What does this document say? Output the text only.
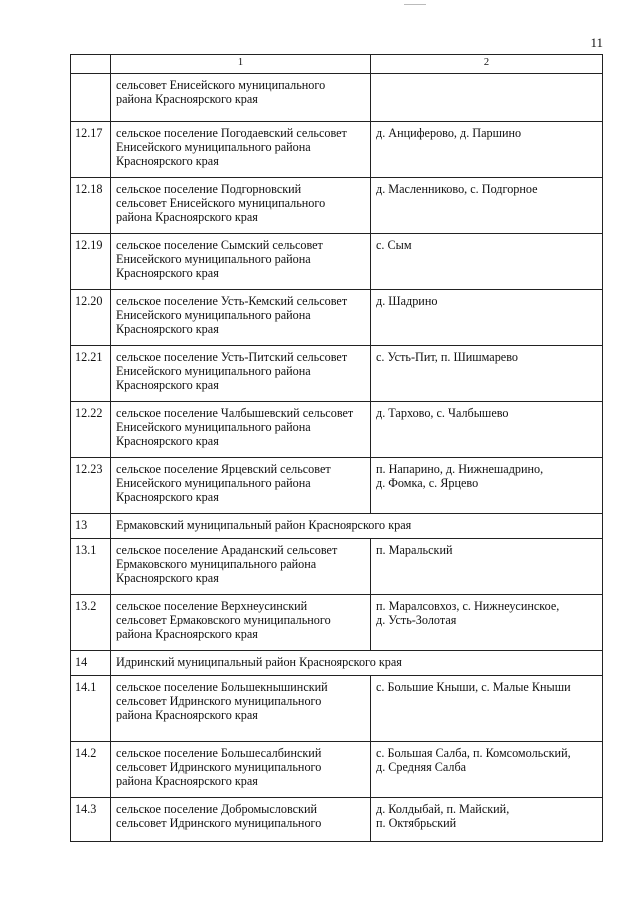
11
	1	2
	сельсовет Енисейского муниципального
района Красноярского края	
12.17	сельское поселение Погодаевский сельсовет
Енисейского муниципального района
Красноярского края	д. Анциферово, д. Паршино
12.18	сельское поселение Подгорновский
сельсовет Енисейского муниципального
района Красноярского края	д. Масленниково, с. Подгорное
12.19	сельское поселение Сымский сельсовет
Енисейского муниципального района
Красноярского края	с. Сым
12.20	сельское поселение Усть-Кемский сельсовет
Енисейского муниципального района
Красноярского края	д. Шадрино
12.21	сельское поселение Усть-Питский сельсовет
Енисейского муниципального района
Красноярского края	с. Усть-Пит, п. Шишмарево
12.22	сельское поселение Чалбышевский сельсовет
Енисейского муниципального района
Красноярского края	д. Тархово, с. Чалбышево
12.23	сельское поселение Ярцевский сельсовет
Енисейского муниципального района
Красноярского края	п. Напарино, д. Нижнешадрино,
д. Фомка, с. Ярцево
13	Ермаковский муниципальный район Красноярского края	
13.1	сельское поселение Араданский сельсовет
Ермаковского муниципального района
Красноярского края	п. Маральский
13.2	сельское поселение Верхнеусинский
сельсовет Ермаковского муниципального
района Красноярского края	п. Маралсовхоз, с. Нижнеусинское,
д. Усть-Золотая
14	Идринский муниципальный район Красноярского края	
14.1	сельское поселение Большекнышинский
сельсовет Идринского муниципального
района Красноярского края	с. Большие Кныши, с. Малые Кныши
14.2	сельское поселение Большесалбинский
сельсовет Идринского муниципального
района Красноярского края	с. Большая Салба, п. Комсомольский,
д. Средняя Салба
14.3	сельское поселение Добромысловский
сельсовет Идринского муниципального	д. Колдыбай, п. Майский,
п. Октябрьский
